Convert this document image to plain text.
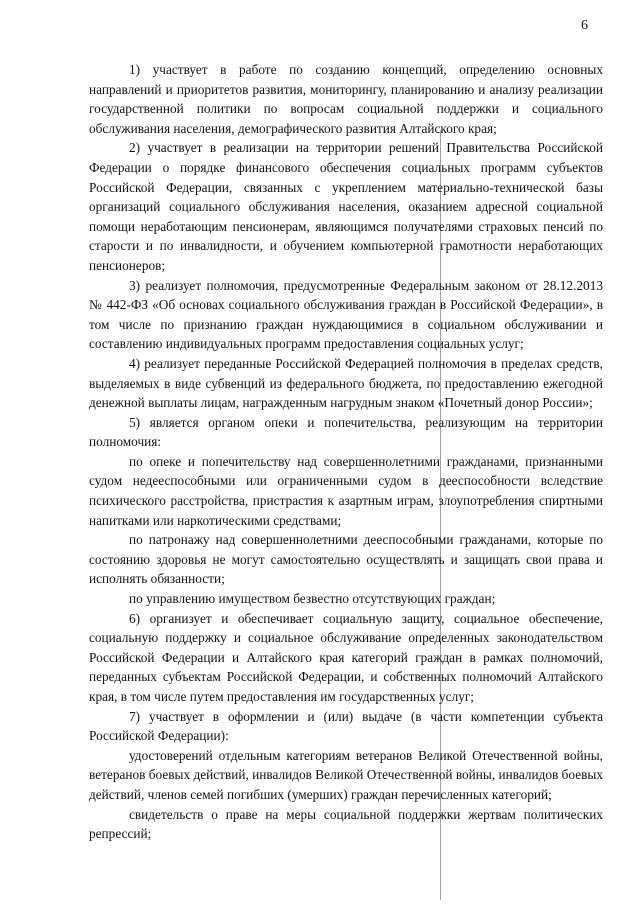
6

1) участвует в работе по созданию концепций, определению основных направлений и приоритетов развития, мониторингу, планированию и анализу реализации государственной политики по вопросам социальной поддержки и социального обслуживания населения, демографического развития Алтайского края;

2) участвует в реализации на территории решений Правительства Российской Федерации о порядке финансового обеспечения социальных программ субъектов Российской Федерации, связанных с укреплением материально-технической базы организаций социального обслуживания населения, оказанием адресной социальной помощи неработающим пенсионерам, являющимся получателями страховых пенсий по старости и по инвалидности, и обучением компьютерной грамотности неработающих пенсионеров;

3) реализует полномочия, предусмотренные Федеральным законом от 28.12.2013 № 442-ФЗ «Об основах социального обслуживания граждан в Российской Федерации», в том числе по признанию граждан нуждающимися в социальном обслуживании и составлению индивидуальных программ предоставления социальных услуг;

4) реализует переданные Российской Федерацией полномочия в пределах средств, выделяемых в виде субвенций из федерального бюджета, по предоставлению ежегодной денежной выплаты лицам, награжденным нагрудным знаком «Почетный донор России»;

5) является органом опеки и попечительства, реализующим на территории полномочия:

по опеке и попечительству над совершеннолетними гражданами, признанными судом недееспособными или ограниченными судом в дееспособности вследствие психического расстройства, пристрастия к азартным играм, злоупотребления спиртными напитками или наркотическими средствами;

по патронажу над совершеннолетними дееспособными гражданами, которые по состоянию здоровья не могут самостоятельно осуществлять и защищать свои права и исполнять обязанности;

по управлению имуществом безвестно отсутствующих граждан;

6) организует и обеспечивает социальную защиту, социальное обеспечение, социальную поддержку и социальное обслуживание определенных законодательством Российской Федерации и Алтайского края категорий граждан в рамках полномочий, переданных субъектам Российской Федерации, и собственных полномочий Алтайского края, в том числе путем предоставления им государственных услуг;

7) участвует в оформлении и (или) выдаче (в части компетенции субъекта Российской Федерации):

удостоверений отдельным категориям ветеранов Великой Отечественной войны, ветеранов боевых действий, инвалидов Великой Отечественной войны, инвалидов боевых действий, членов семей погибших (умерших) граждан перечисленных категорий;

свидетельств о праве на меры социальной поддержки жертвам политических репрессий;
